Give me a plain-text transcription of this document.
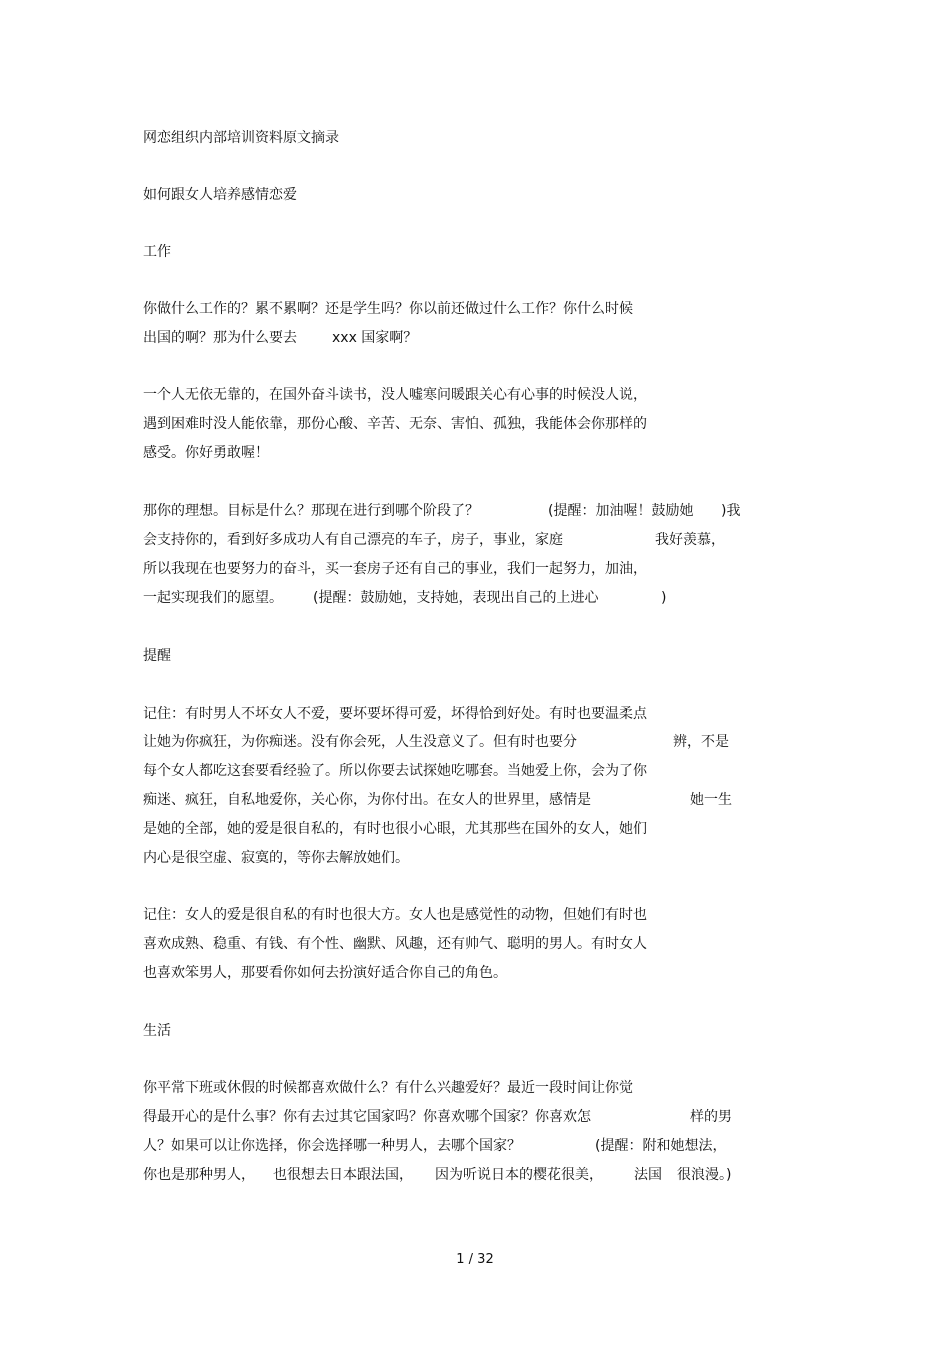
网恋组织内部培训资料原文摘录
如何跟女人培养感情恋爱
工作
你做什么工作的？累不累啊？还是学生吗？你以前还做过什么工作？你什么时候
出国的啊？那为什么要去	xxx 国家啊？
一个人无依无靠的，在国外奋斗读书，没人嘘寒问暖跟关心有心事的时候没人说，
遇到困难时没人能依靠，那份心酸、辛苦、无奈、害怕、孤独，我能体会你那样的
感受。你好勇敢喔！
那你的理想。目标是什么？那现在进行到哪个阶段了？	(提醒：加油喔！鼓励她 )我
会支持你的，看到好多成功人有自己漂亮的车子，房子，事业，家庭	我好羡慕，
所以我现在也要努力的奋斗，买一套房子还有自己的事业，我们一起努力，加油，
一起实现我们的愿望。 (提醒：鼓励她，支持她，表现出自己的上进心	)
提醒
记住：有时男人不坏女人不爱，要坏要坏得可爱，坏得恰到好处。有时也要温柔点
让她为你疯狂，为你痴迷。没有你会死，人生没意义了。但有时也要分	辨，不是
每个女人都吃这套要看经验了。所以你要去试探她吃哪套。当她爱上你，会为了你
痴迷、疯狂，自私地爱你，关心你，为你付出。在女人的世界里，感情是	她一生
是她的全部，她的爱是很自私的，有时也很小心眼，尤其那些在国外的女人，她们
内心是很空虚、寂寞的，等你去解放她们。
记住：女人的爱是很自私的有时也很大方。女人也是感觉性的动物，但她们有时也
喜欢成熟、稳重、有钱、有个性、幽默、风趣，还有帅气、聪明的男人。有时女人
也喜欢笨男人，那要看你如何去扮演好适合你自己的角色。
生活
你平常下班或休假的时候都喜欢做什么？有什么兴趣爱好？最近一段时间让你觉
得最开心的是什么事？你有去过其它国家吗？你喜欢哪个国家？你喜欢怎	样的男
人？如果可以让你选择，你会选择哪一种男人，去哪个国家？	(提醒：附和她想法，
你也是那种男人， 也很想去日本跟法国， 因为听说日本的樱花很美， 法国 很浪漫。)
1 / 32
